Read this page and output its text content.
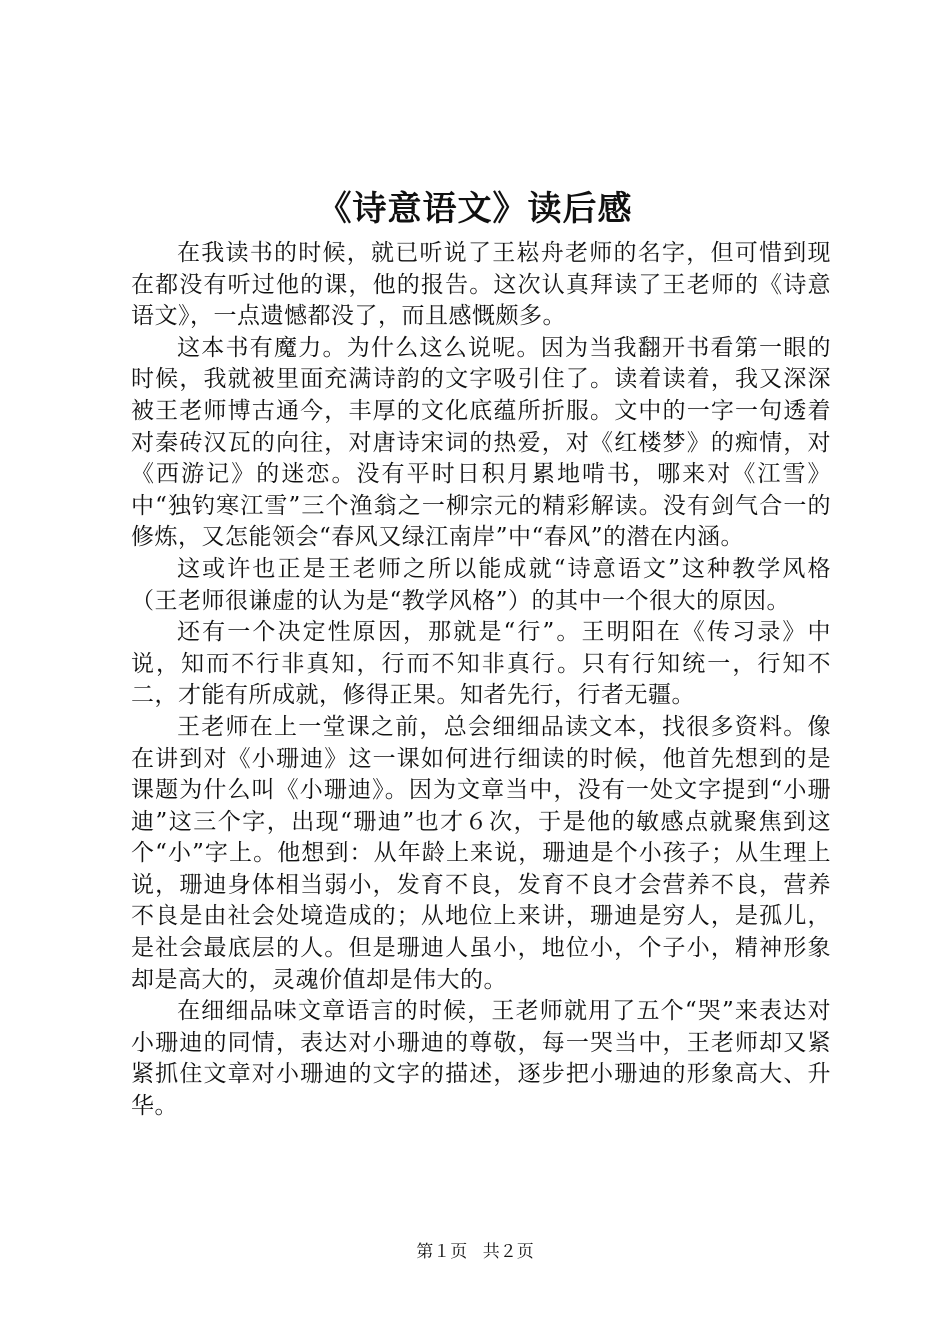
《诗意语文》读后感

在我读书的时候，就已听说了王崧舟老师的名字，但可惜到现在都没有听过他的课，他的报告。这次认真拜读了王老师的《诗意语文》，一点遗憾都没了，而且感慨颇多。

这本书有魔力。为什么这么说呢。因为当我翻开书看第一眼的时候，我就被里面充满诗韵的文字吸引住了。读着读着，我又深深被王老师博古通今，丰厚的文化底蕴所折服。文中的一字一句透着对秦砖汉瓦的向往，对唐诗宋词的热爱，对《红楼梦》的痴情，对《西游记》的迷恋。没有平时日积月累地啃书，哪来对《江雪》中“独钓寒江雪”三个渔翁之一柳宗元的精彩解读。没有剑气合一的修炼，又怎能领会“春风又绿江南岸”中“春风”的潜在内涵。

这或许也正是王老师之所以能成就“诗意语文”这种教学风格（王老师很谦虚的认为是“教学风格”）的其中一个很大的原因。

还有一个决定性原因，那就是“行”。王明阳在《传习录》中说，知而不行非真知，行而不知非真行。只有行知统一，行知不二，才能有所成就，修得正果。知者先行，行者无疆。

王老师在上一堂课之前，总会细细品读文本，找很多资料。像在讲到对《小珊迪》这一课如何进行细读的时候，他首先想到的是课题为什么叫《小珊迪》。因为文章当中，没有一处文字提到“小珊迪”这三个字，出现“珊迪”也才６次，于是他的敏感点就聚焦到这个“小”字上。他想到：从年龄上来说，珊迪是个小孩子；从生理上说，珊迪身体相当弱小，发育不良，发育不良才会营养不良，营养不良是由社会处境造成的；从地位上来讲，珊迪是穷人，是孤儿，是社会最底层的人。但是珊迪人虽小，地位小，个子小，精神形象却是高大的，灵魂价值却是伟大的。

在细细品味文章语言的时候，王老师就用了五个“哭”来表达对小珊迪的同情，表达对小珊迪的尊敬，每一哭当中，王老师却又紧紧抓住文章对小珊迪的文字的描述，逐步把小珊迪的形象高大、升华。

第１页 共２页
